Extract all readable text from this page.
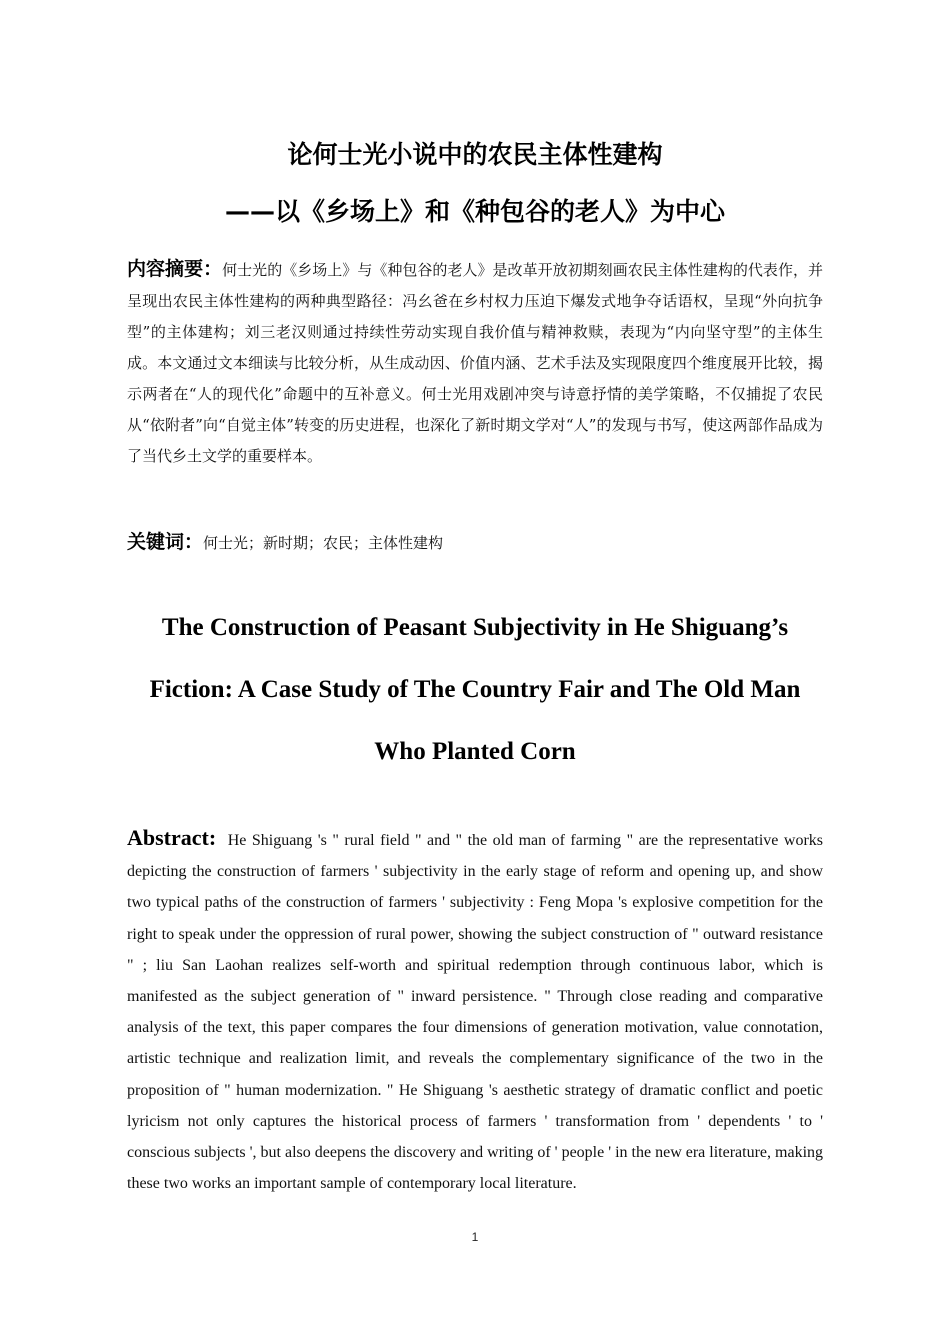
论何士光小说中的农民主体性建构
——以《乡场上》和《种包谷的老人》为中心
内容摘要：何士光的《乡场上》与《种包谷的老人》是改革开放初期刻画农民主体性建构的代表作，并呈现出农民主体性建构的两种典型路径：冯幺爸在乡村权力压迫下爆发式地争夺话语权，呈现“外向抗争型”的主体建构；刘三老汉则通过持续性劳动实现自我价值与精神救赎，表现为“内向坚守型”的主体生成。本文通过文本细读与比较分析，从生成动因、价值内涵、艺术手法及实现限度四个维度展开比较，揭示两者在“人的现代化”命题中的互补意义。何士光用戏剧冲突与诗意抒情的美学策略，不仅捕捉了农民从“依附者”向“自觉主体”转变的历史进程，也深化了新时期文学对“人”的发现与书写，使这两部作品成为了当代乡土文学的重要样本。
关键词：何士光；新时期；农民；主体性建构
The Construction of Peasant Subjectivity in He Shiguang’s Fiction: A Case Study of The Country Fair and The Old Man Who Planted Corn
Abstract: He Shiguang 's " rural field " and " the old man of farming " are the representative works depicting the construction of farmers ' subjectivity in the early stage of reform and opening up, and show two typical paths of the construction of farmers ' subjectivity : Feng Mopa 's explosive competition for the right to speak under the oppression of rural power, showing the subject construction of " outward resistance " ; liu San Laohan realizes self-worth and spiritual redemption through continuous labor, which is manifested as the subject generation of " inward persistence. " Through close reading and comparative analysis of the text, this paper compares the four dimensions of generation motivation, value connotation, artistic technique and realization limit, and reveals the complementary significance of the two in the proposition of " human modernization. " He Shiguang 's aesthetic strategy of dramatic conflict and poetic lyricism not only captures the historical process of farmers ' transformation from ' dependents ' to ' conscious subjects ', but also deepens the discovery and writing of ' people ' in the new era literature, making these two works an important sample of contemporary local literature.
1
